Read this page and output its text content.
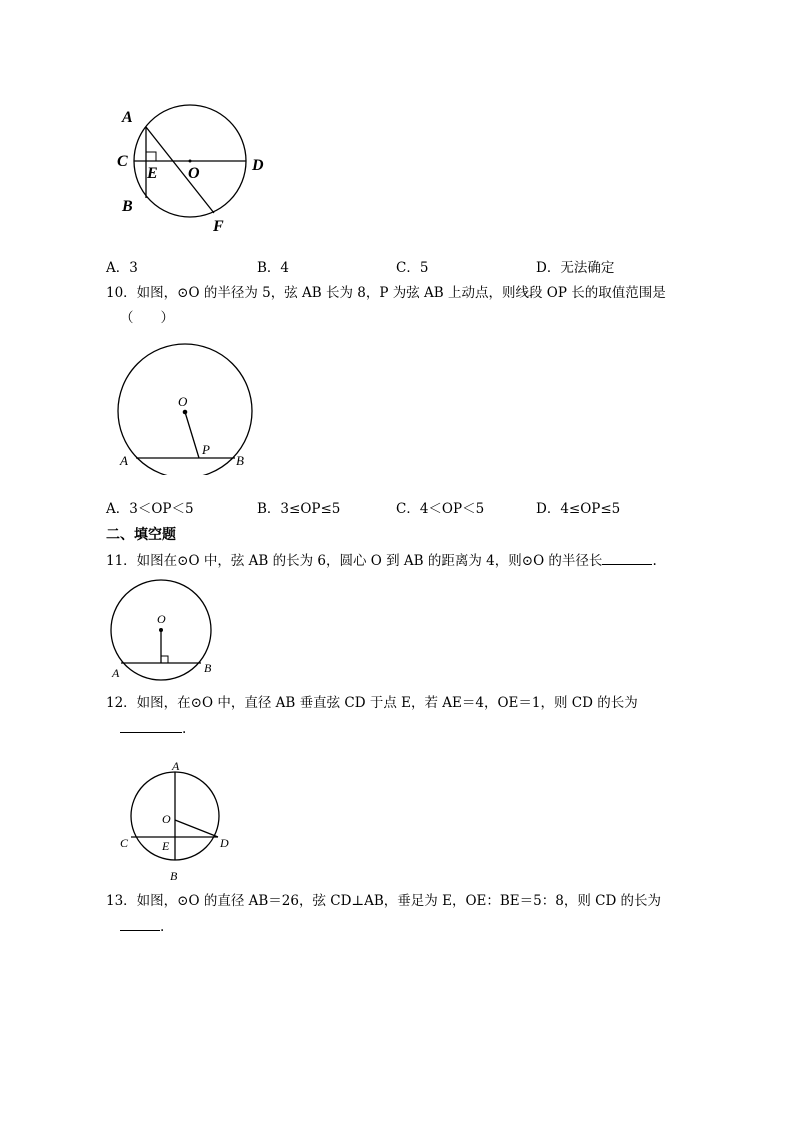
A
C
B
E O	D
F
A．3	B．4	C．5	D．无法确定
10．如图，⊙O 的半径为 5，弦 AB 长为 8，P 为弦 AB 上动点，则线段 OP 长的取值范围是
（　　）
O
P
A	B
A．3＜OP＜5	B．3≤OP≤5	C．4＜OP＜5	D．4≤OP≤5
二、填空题
11．如图在⊙O 中，弦 AB 的长为 6，圆心 O 到 AB 的距离为 4，则⊙O 的半径长	.
O
A	B
12．如图，在⊙O 中，直径 AB 垂直弦 CD 于点 E，若 AE＝4，OE＝1，则 CD 的长为
.
A
O
C	E	D
B
13．如图，⊙O 的直径 AB＝26，弦 CD⊥AB，垂足为 E，OE：BE＝5：8，则 CD 的长为
.
